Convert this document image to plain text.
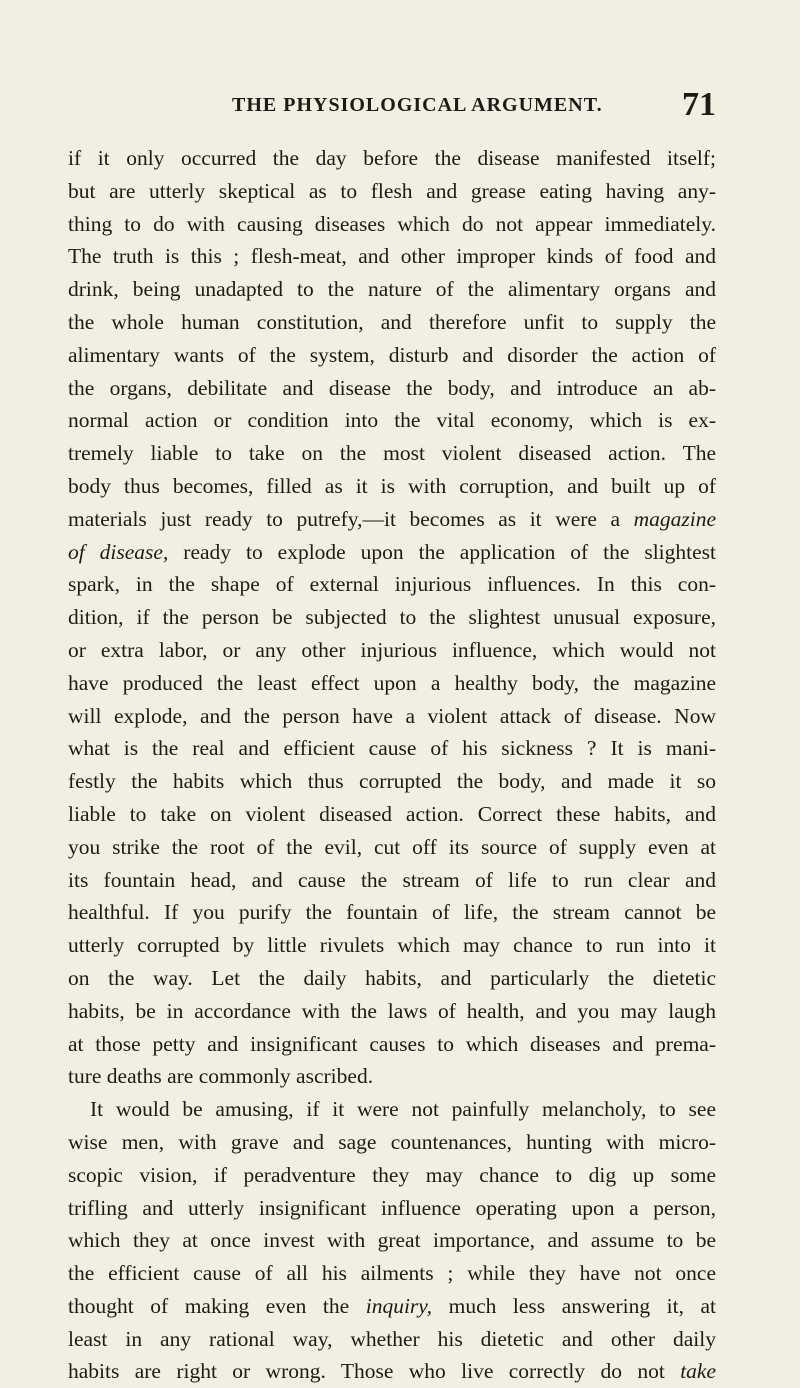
THE PHYSIOLOGICAL ARGUMENT. 71
if it only occurred the day before the disease manifested itself;
but are utterly skeptical as to flesh and grease eating having any-
thing to do with causing diseases which do not appear immediately.
The truth is this ; flesh-meat, and other improper kinds of food and
drink, being unadapted to the nature of the alimentary organs and
the whole human constitution, and therefore unfit to supply the
alimentary wants of the system, disturb and disorder the action of
the organs, debilitate and disease the body, and introduce an ab-
normal action or condition into the vital economy, which is ex-
tremely liable to take on the most violent diseased action. The
body thus becomes, filled as it is with corruption, and built up of
materials just ready to putrefy,—it becomes as it were a magazine
of disease, ready to explode upon the application of the slightest
spark, in the shape of external injurious influences. In this con-
dition, if the person be subjected to the slightest unusual exposure,
or extra labor, or any other injurious influence, which would not
have produced the least effect upon a healthy body, the magazine
will explode, and the person have a violent attack of disease. Now
what is the real and efficient cause of his sickness ? It is mani-
festly the habits which thus corrupted the body, and made it so
liable to take on violent diseased action. Correct these habits, and
you strike the root of the evil, cut off its source of supply even at
its fountain head, and cause the stream of life to run clear and
healthful. If you purify the fountain of life, the stream cannot be
utterly corrupted by little rivulets which may chance to run into it
on the way. Let the daily habits, and particularly the dietetic
habits, be in accordance with the laws of health, and you may laugh
at those petty and insignificant causes to which diseases and prema-
ture deaths are commonly ascribed.
It would be amusing, if it were not painfully melancholy, to see
wise men, with grave and sage countenances, hunting with micro-
scopic vision, if peradventure they may chance to dig up some
trifling and utterly insignificant influence operating upon a person,
which they at once invest with great importance, and assume to be
the efficient cause of all his ailments ; while they have not once
thought of making even the inquiry, much less answering it, at
least in any rational way, whether his dietetic and other daily
habits are right or wrong. Those who live correctly do not take
